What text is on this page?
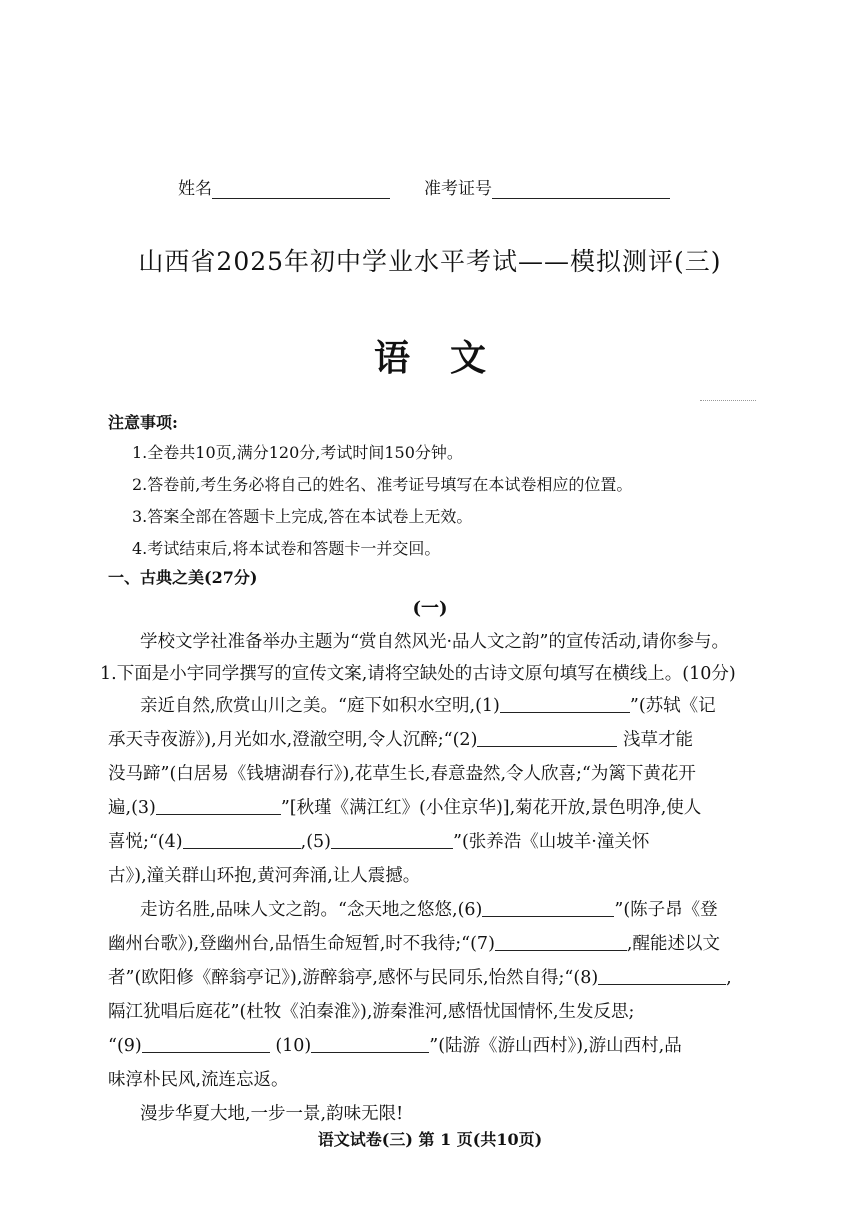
姓名	准考证号
山西省2025年初中学业水平考试——模拟测评(三)
语文
注意事项:
1.全卷共10页,满分120分,考试时间150分钟。
2.答卷前,考生务必将自己的姓名、准考证号填写在本试卷相应的位置。
3.答案全部在答题卡上完成,答在本试卷上无效。
4.考试结束后,将本试卷和答题卡一并交回。
一、古典之美(27分)
(一)
学校文学社准备举办主题为“赏自然风光·品人文之韵”的宣传活动,请你参与。
1.下面是小宇同学撰写的宣传文案,请将空缺处的古诗文原句填写在横线上。(10分)
亲近自然,欣赏山川之美。“庭下如积水空明,(1)	”(苏轼《记
承天寺夜游》),月光如水,澄澈空明,令人沉醉;“(2)	浅草才能
没马蹄”(白居易《钱塘湖春行》),花草生长,春意盎然,令人欣喜;“为篱下黄花开
遍,(3)	”[秋瑾《满江红》(小住京华)],菊花开放,景色明净,使人
喜悦;“(4)	,(5)	”(张养浩《山坡羊·潼关怀
古》),潼关群山环抱,黄河奔涌,让人震撼。
走访名胜,品味人文之韵。“念天地之悠悠,(6)	”(陈子昂《登
幽州台歌》),登幽州台,品悟生命短暂,时不我待;“(7)	,醒能述以文
者”(欧阳修《醉翁亭记》),游醉翁亭,感怀与民同乐,怡然自得;“(8)	,
隔江犹唱后庭花”(杜牧《泊秦淮》),游秦淮河,感悟忧国情怀,生发反思;
“(9)	(10)	”(陆游《游山西村》),游山西村,品
味淳朴民风,流连忘返。
漫步华夏大地,一步一景,韵味无限!
语文试卷(三) 第 1 页(共10页)
